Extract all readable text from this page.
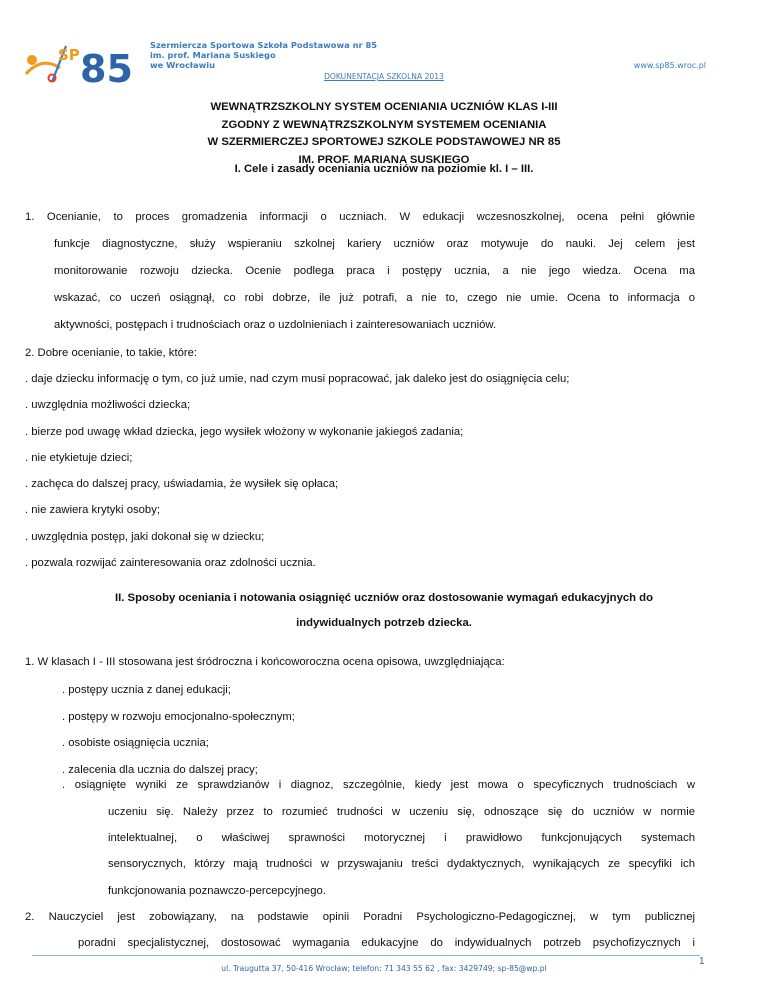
SP 85
Szermiercza Sportowa Szkoła Podstawowa nr 85
im. prof. Mariana Suskiego
we Wrocławiu	www.sp85.wroc.pl
DOKUNENTACJA SZKOLNA 2013
WEWNĄTRZSZKOLNY SYSTEM OCENIANIA UCZNIÓW KLAS I-III
ZGODNY Z WEWNĄTRZSZKOLNYM SYSTEMEM OCENIANIA
W SZERMIERCZEJ SPORTOWEJ SZKOLE PODSTAWOWEJ NR 85
IM. PROF. MARIANA SUSKIEGO
I. Cele i zasady oceniania uczniów na poziomie kl. I – III.
1. Ocenianie, to proces gromadzenia informacji o uczniach. W edukacji wczesnoszkolnej, ocena pełni głównie
funkcje diagnostyczne, służy wspieraniu szkolnej kariery uczniów oraz motywuje do nauki. Jej celem jest
monitorowanie rozwoju dziecka. Ocenie podlega praca i postępy ucznia, a nie jego wiedza. Ocena ma
wskazać, co uczeń osiągnął, co robi dobrze, ile już potrafi, a nie to, czego nie umie. Ocena to informacja o
aktywności, postępach i trudnościach oraz o uzdolnieniach i zainteresowaniach uczniów.
2. Dobre ocenianie, to takie, które:
. daje dziecku informację o tym, co już umie, nad czym musi popracować, jak daleko jest do osiągnięcia celu;
. uwzględnia możliwości dziecka;
. bierze pod uwagę wkład dziecka, jego wysiłek włożony w wykonanie jakiegoś zadania;
. nie etykietuje dzieci;
. zachęca do dalszej pracy, uświadamia, że wysiłek się opłaca;
. nie zawiera krytyki osoby;
. uwzględnia postęp, jaki dokonał się w dziecku;
. pozwala rozwijać zainteresowania oraz zdolności ucznia.
II. Sposoby oceniania i notowania osiągnięć uczniów oraz dostosowanie wymagań edukacyjnych do
indywidualnych potrzeb dziecka.
1. W klasach I - III stosowana jest śródroczna i końcoworoczna ocena opisowa, uwzględniająca:
. postępy ucznia z danej edukacji;
. postępy w rozwoju emocjonalno-społecznym;
. osobiste osiągnięcia ucznia;
. zalecenia dla ucznia do dalszej pracy;
. osiągnięte wyniki ze sprawdzianów i diagnoz, szczególnie, kiedy jest mowa o specyficznych trudnościach w
ul. Traugutta 37, 50-416 Wrocław; telefon: 71 343 55 62 , fax: 3429749; sp-85@wp.pl
1
uczeniu się. Należy przez to rozumieć trudności w uczeniu się, odnoszące się do uczniów w normie
intelektualnej, o właściwej sprawności motorycznej i prawidłowo funkcjonujących systemach
sensorycznych, którzy mają trudności w przyswajaniu treści dydaktycznych, wynikających ze specyfiki ich
funkcjonowania poznawczo-percepcyjnego.
2. Nauczyciel jest zobowiązany, na podstawie opinii Poradni Psychologiczno-Pedagogicznej, w tym publicznej
poradni specjalistycznej, dostosować wymagania edukacyjne do indywidualnych potrzeb psychofizycznych i
